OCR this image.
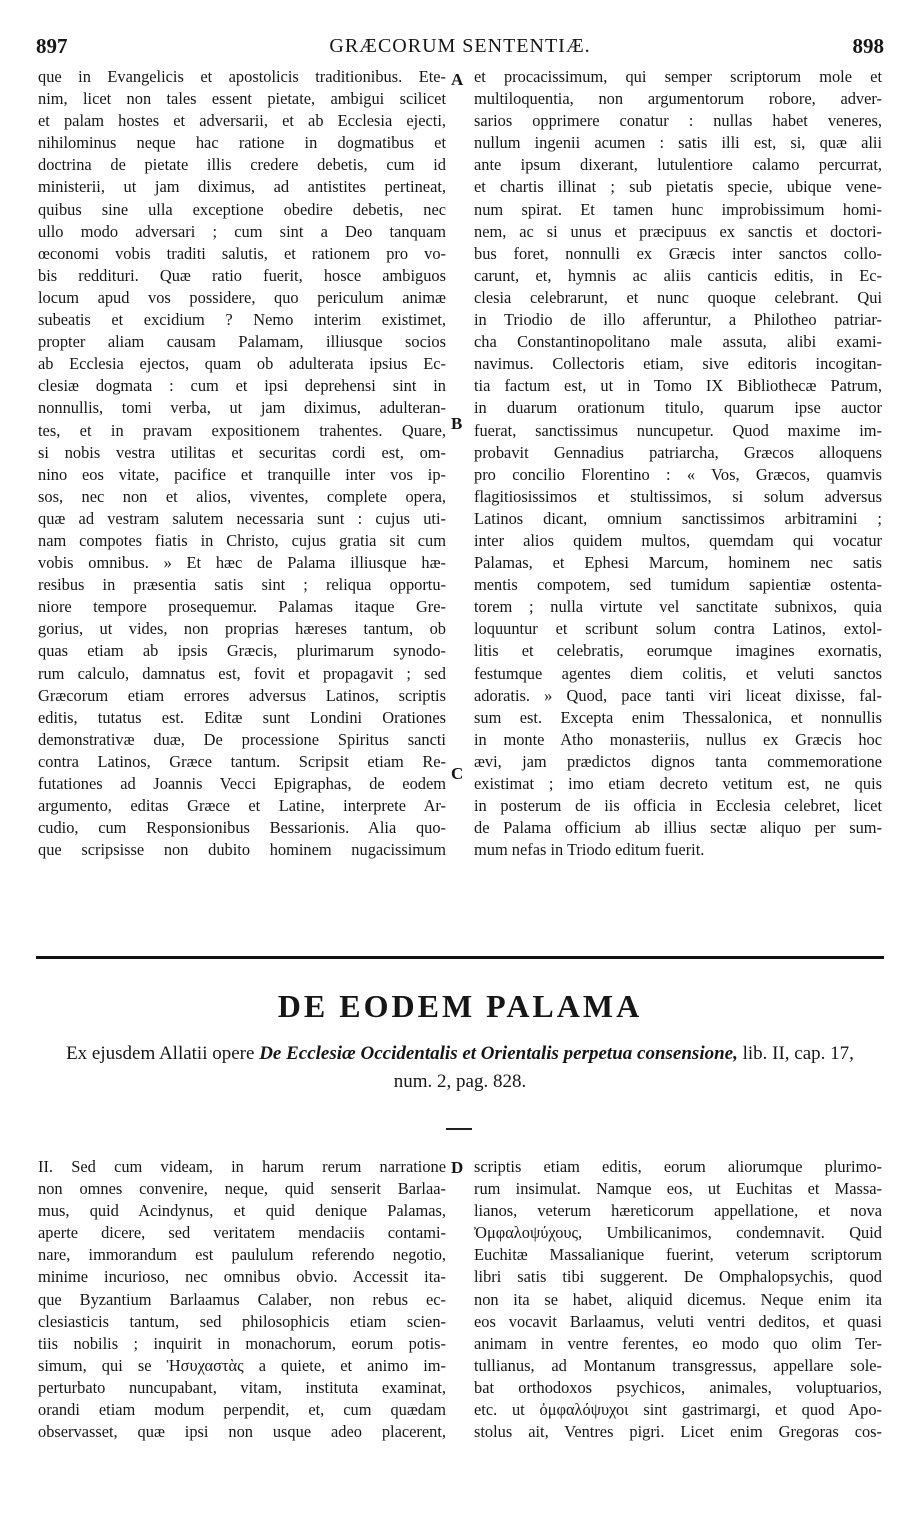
897	GRÆCORUM SENTENTIÆ.	898
que in Evangelicis et apostolicis traditionibus. Ete-
nim, licet non tales essent pietate, ambigui scilicet
et palam hostes et adversarii, et ab Ecclesia ejecti,
nihilominus neque hac ratione in dogmatibus et
doctrina de pietate illis credere debetis, cum id
ministerii, ut jam diximus, ad antistites pertineat,
quibus sine ulla exceptione obedire debetis, nec
ullo modo adversari ; cum sint a Deo tanquam
œconomi vobis traditi salutis, et rationem pro vo-
bis reddituri. Quæ ratio fuerit, hosce ambiguos
locum apud vos possidere, quo periculum animæ
subeatis et excidium ? Nemo interim existimet,
propter aliam causam Palamam, illiusque socios
ab Ecclesia ejectos, quam ob adulterata ipsius Ec-
clesiæ dogmata : cum et ipsi deprehensi sint in
nonnullis, tomi verba, ut jam diximus, adulteran-
tes, et in pravam expositionem trahentes. Quare,
si nobis vestra utilitas et securitas cordi est, om-
nino eos vitate, pacifice et tranquille inter vos ip-
sos, nec non et alios, viventes, complete opera,
quæ ad vestram salutem necessaria sunt : cujus uti-
nam compotes fiatis in Christo, cujus gratia sit cum
vobis omnibus. » Et hæc de Palama illiusque hæ-
resibus in præsentia satis sint ; reliqua opportu-
niore tempore prosequemur. Palamas itaque Gre-
gorius, ut vides, non proprias hæreses tantum, ob
quas etiam ab ipsis Græcis, plurimarum synodo-
rum calculo, damnatus est, fovit et propagavit ; sed
Græcorum etiam errores adversus Latinos, scriptis
editis, tutatus est. Editæ sunt Londini Orationes
demonstrativæ duæ, De processione Spiritus sancti
contra Latinos, Græce tantum. Scripsit etiam Re-
futationes ad Joannis Vecci Epigraphas, de eodem
argumento, editas Græce et Latine, interprete Ar-
cudio, cum Responsionibus Bessarionis. Alia quo-
que scripsisse non dubito hominem nugacissimum
et procacissimum, qui semper scriptorum mole et
multiloquentia, non argumentorum robore, adver-
sarios opprimere conatur : nullas habet veneres,
nullum ingenii acumen : satis illi est, si, quæ alii
ante ipsum dixerant, lutulentiore calamo percurrat,
et chartis illinat ; sub pietatis specie, ubique vene-
num spirat. Et tamen hunc improbissimum homi-
nem, ac si unus et præcipuus ex sanctis et doctori-
bus foret, nonnulli ex Græcis inter sanctos collo-
carunt, et, hymnis ac aliis canticis editis, in Ec-
clesia celebrarunt, et nunc quoque celebrant. Qui
in Triodio de illo afferuntur, a Philotheo patriar-
cha Constantinopolitano male assuta, alibi exami-
navimus. Collectoris etiam, sive editoris incogitan-
tia factum est, ut in Tomo IX Bibliothecæ Patrum,
in duarum orationum titulo, quarum ipse auctor
fuerat, sanctissimus nuncupetur. Quod maxime im-
probavit Gennadius patriarcha, Græcos alloquens
pro concilio Florentino : « Vos, Græcos, quamvis
flagitiosissimos et stultissimos, si solum adversus
Latinos dicant, omnium sanctissimos arbitramini ;
inter alios quidem multos, quemdam qui vocatur
Palamas, et Ephesi Marcum, hominem nec satis
mentis compotem, sed tumidum sapientiæ ostenta-
torem ; nulla virtute vel sanctitate subnixos, quia
loquuntur et scribunt solum contra Latinos, extol-
litis et celebratis, eorumque imagines exornatis,
festumque agentes diem colitis, et veluti sanctos
adoratis. » Quod, pace tanti viri liceat dixisse, fal-
sum est. Excepta enim Thessalonica, et nonnullis
in monte Atho monasteriis, nullus ex Græcis hoc
ævi, jam prædictos dignos tanta commemoratione
existimat ; imo etiam decreto vetitum est, ne quis
in posterum de iis officia in Ecclesia celebret, licet
de Palama officium ab illius sectæ aliquo per sum-
mum nefas in Triodo editum fuerit.
A
B
C
D
DE EODEM PALAMA
Ex ejusdem Allatii opere De Ecclesiæ Occidentalis et Orientalis perpetua consensione, lib. II, cap. 17, num. 2, pag. 828.
II. Sed cum videam, in harum rerum narratione
non omnes convenire, neque, quid senserit Barlaa-
mus, quid Acindynus, et quid denique Palamas,
aperte dicere, sed veritatem mendaciis contami-
nare, immorandum est paululum referendo negotio,
minime incurioso, nec omnibus obvio. Accessit ita-
que Byzantium Barlaamus Calaber, non rebus ec-
clesiasticis tantum, sed philosophicis etiam scien-
tiis nobilis ; inquirit in monachorum, eorum potis-
simum, qui se Ἡσυχαστὰς a quiete, et animo im-
perturbato nuncupabant, vitam, instituta examinat,
orandi etiam modum perpendit, et, cum quædam
observasset, quæ ipsi non usque adeo placerent,
scriptis etiam editis, eorum aliorumque plurimo-
rum insimulat. Namque eos, ut Euchitas et Massa-
lianos, veterum hæreticorum appellatione, et nova
Ὀμφαλοψύχους, Umbilicanimos, condemnavit. Quid
Euchitæ Massalianique fuerint, veterum scriptorum
libri satis tibi suggerent. De Omphalopsychis, quod
non ita se habet, aliquid dicemus. Neque enim ita
eos vocavit Barlaamus, veluti ventri deditos, et quasi
animam in ventre ferentes, eo modo quo olim Ter-
tullianus, ad Montanum transgressus, appellare sole-
bat orthodoxos psychicos, animales, voluptuarios,
etc. ut ὀμφαλόψυχοι sint gastrimargi, et quod Apo-
stolus ait, Ventres pigri. Licet enim Gregoras cos-
